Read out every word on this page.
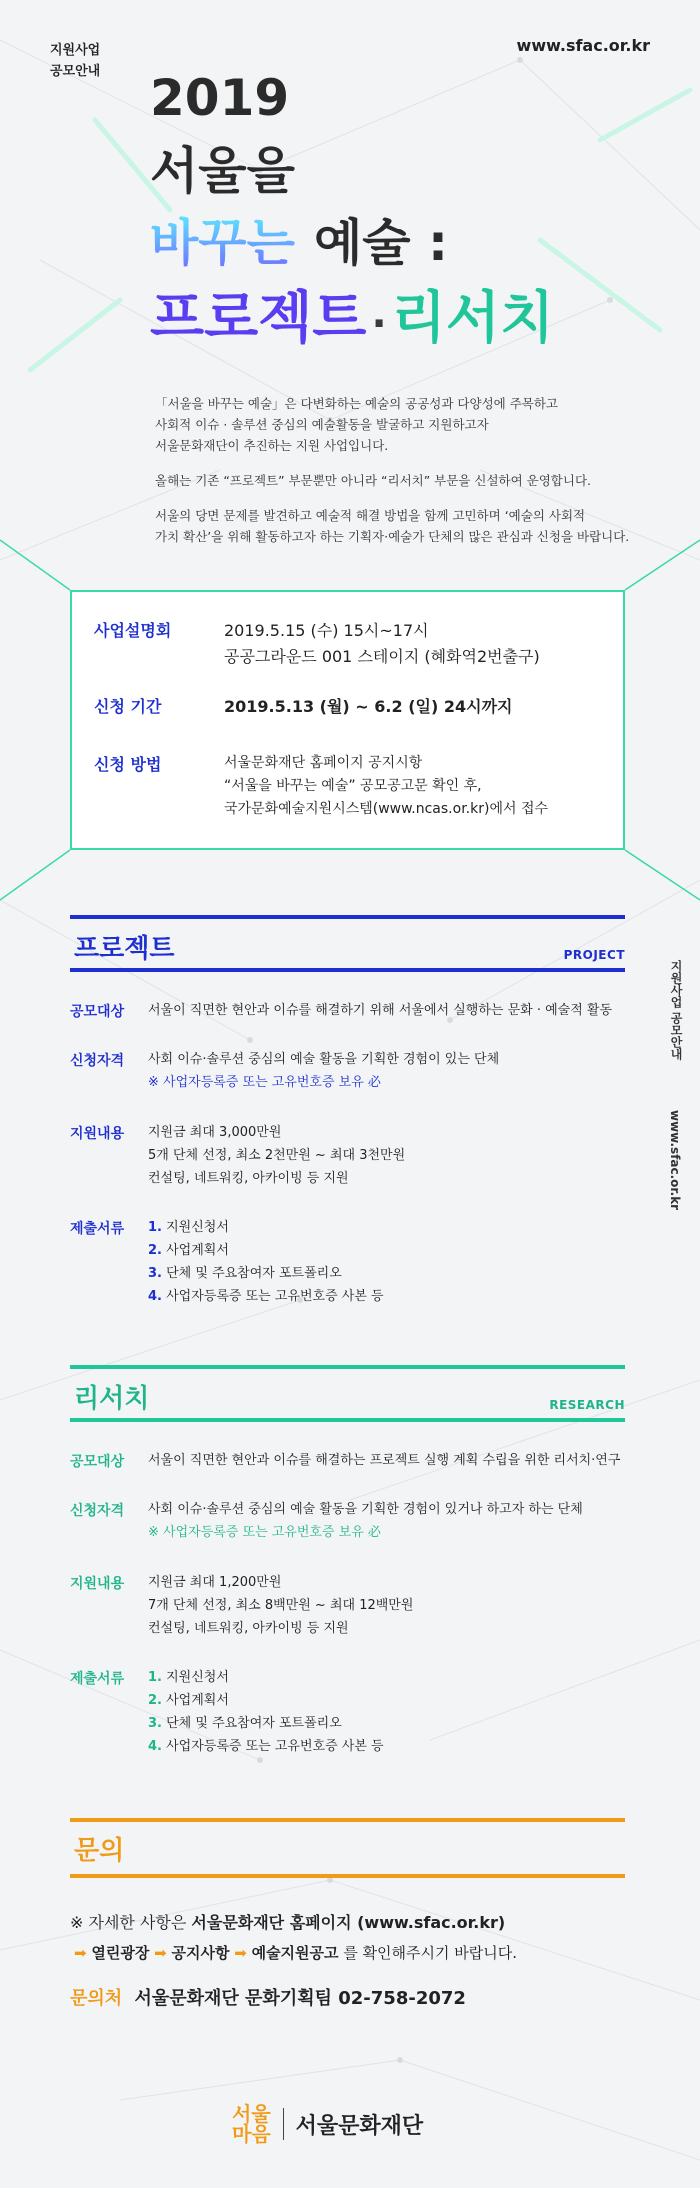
지원사업
공모안내
www.sfac.or.kr
2019
서울을
바꾸는 예술 :
프로젝트 · 리서치

「서울을 바꾸는 예술」은 다변화하는 예술의 공공성과 다양성에 주목하고

사회적 이슈 · 솔루션 중심의 예술활동을 발굴하고 지원하고자

서울문화재단이 추진하는 지원 사업입니다.

올해는 기존 “프로젝트” 부문뿐만 아니라 “리서치” 부문을 신설하여 운영합니다.

서울의 당면 문제를 발견하고 예술적 해결 방법을 함께 고민하며 ‘예술의 사회적

가치 확산’을 위해 활동하고자 하는 기획자·예술가 단체의 많은 관심과 신청을 바랍니다.

사업설명회	2019.5.15 (수) 15시~17시
공공그라운드 001 스테이지 (혜화역2번출구)
신청 기간	2019.5.13 (월) ~ 6.2 (일) 24시까지
신청 방법	서울문화재단 홈페이지 공지시항
“서울을 바꾸는 예술” 공모공고문 확인 후,
국가문화예술지원시스템(www.ncas.or.kr)에서 접수
지원사업 공모안내
www.sfac.or.kr
프로젝트	PROJECT
공모대상	서울이 직면한 현안과 이슈를 해결하기 위해 서울에서 실행하는 문화 · 예술적 활동
신청자격	사회 이슈·솔루션 중심의 예술 활동을 기획한 경험이 있는 단체
※ 사업자등록증 또는 고유번호증 보유 必
지원내용	지원금 최대 3,000만원
5개 단체 선정, 최소 2천만원 ~ 최대 3천만원
컨설팅, 네트워킹, 아카이빙 등 지원
제출서류	1. 지원신청서
2. 사업계획서
3. 단체 및 주요참여자 포트폴리오
4. 사업자등록증 또는 고유번호증 사본 등
리서치	RESEARCH
공모대상	서울이 직면한 현안과 이슈를 해결하는 프로젝트 실행 계획 수립을 위한 리서치·연구
신청자격	사회 이슈·솔루션 중심의 예술 활동을 기획한 경험이 있거나 하고자 하는 단체
※ 사업자등록증 또는 고유번호증 보유 必
지원내용	지원금 최대 1,200만원
7개 단체 선정, 최소 8백만원 ~ 최대 12백만원
컨설팅, 네트워킹, 아카이빙 등 지원
제출서류	1. 지원신청서
2. 사업계획서
3. 단체 및 주요참여자 포트폴리오
4. 사업자등록증 또는 고유번호증 사본 등
문의
※ 자세한 사항은 서울문화재단 홈페이지 (www.sfac.or.kr)
➡ 열린광장 ➡ 공지사항 ➡ 예술지원공고 를 확인해주시기 바랍니다.
문의처 서울문화재단 문화기획팀 02-758-2072
서울
마음 서울문화재단
